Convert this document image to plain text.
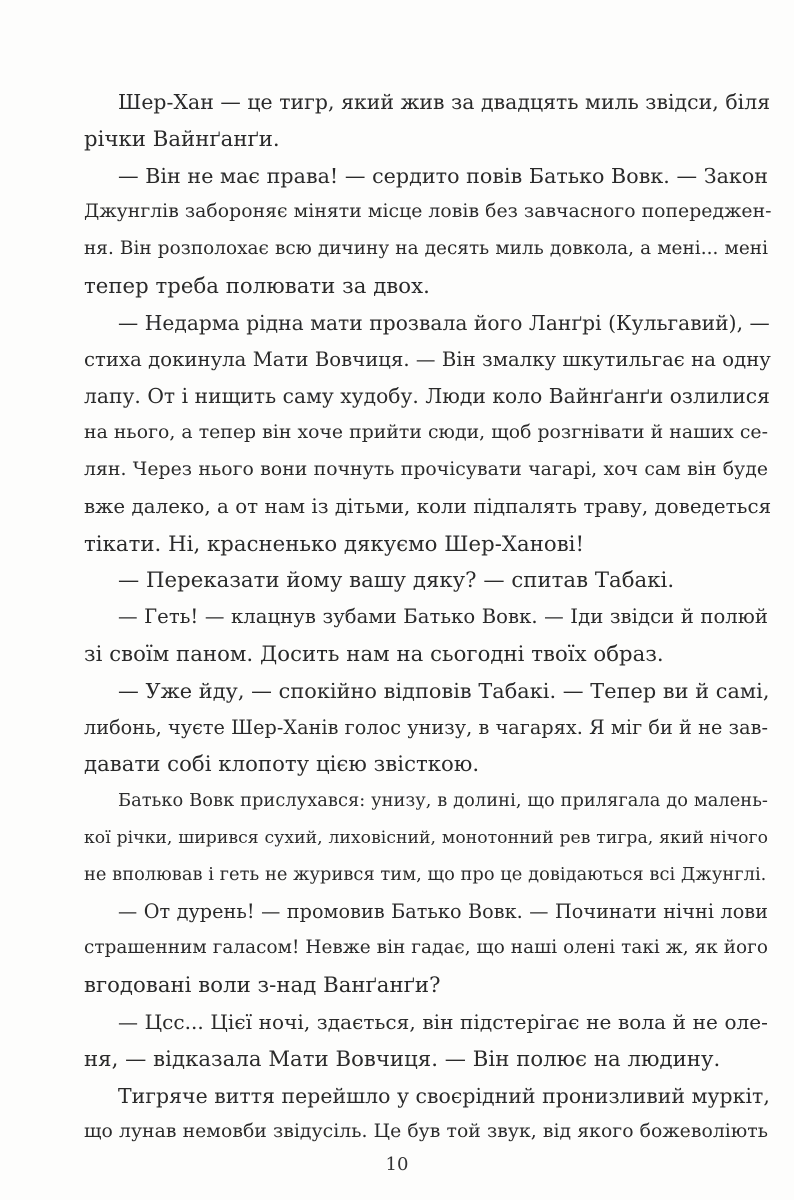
Шер-Хан — це тигр, який жив за двадцять миль звідси, біля
річки Вайнґанґи.
— Він не має права! — сердито повів Батько Вовк. — Закон
Джунглів забороняє міняти місце ловів без завчасного попереджен-
ня. Він розполохає всю дичину на десять миль довкола, а мені... мені
тепер треба полювати за двох.
— Недарма рідна мати прозвала його Ланґрі (Кульгавий), —
стиха докинула Мати Вовчиця. — Він змалку шкутильгає на одну
лапу. От і нищить саму худобу. Люди коло Вайнґанґи озлилися
на нього, а тепер він хоче прийти сюди, щоб розгнівати й наших се-
лян. Через нього вони почнуть прочісувати чагарі, хоч сам він буде
вже далеко, а от нам із дітьми, коли підпалять траву, доведеться
тікати. Ні, красненько дякуємо Шер-Ханові!
— Переказати йому вашу дяку? — спитав Табакі.
— Геть! — клацнув зубами Батько Вовк. — Іди звідси й полюй
зі своїм паном. Досить нам на сьогодні твоїх образ.
— Уже йду, — спокійно відповів Табакі. — Тепер ви й самі,
либонь, чуєте Шер-Ханів голос унизу, в чагарях. Я міг би й не зав-
давати собі клопоту цією звісткою.
Батько Вовк прислухався: унизу, в долині, що прилягала до малень-
кої річки, ширився сухий, лиховісний, монотонний рев тигра, який нічого
не вполював і геть не журився тим, що про це довідаються всі Джунглі.
— От дурень! — промовив Батько Вовк. — Починати нічні лови
страшенним галасом! Невже він гадає, що наші олені такі ж, як його
вгодовані воли з-над Ванґанґи?
— Цсс... Цієї ночі, здається, він підстерігає не вола й не оле-
ня, — відказала Мати Вовчиця. — Він полює на людину.
Тигряче виття перейшло у своєрідний пронизливий муркіт,
що лунав немовби звідусіль. Це був той звук, від якого божеволіють
10
